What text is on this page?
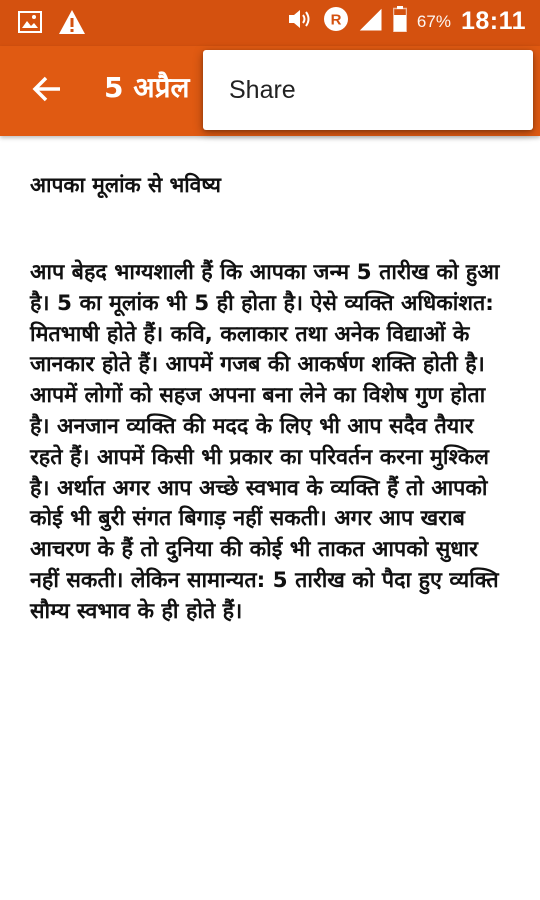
R	67% 18:11
5 अप्रैल	Share

आपका मूलांक से भविष्य

आप बेहद भाग्यशाली हैं कि आपका जन्म 5 तारीख को हुआ है। 5 का मूलांक भी 5 ही होता है। ऐसे व्यक्ति अधिकांशत: मितभाषी होते हैं। कवि, कलाकार तथा अनेक विद्याओं के जानकार होते हैं। आपमें गजब की आकर्षण शक्ति होती है। आपमें लोगों को सहज अपना बना लेने का विशेष गुण होता है। अनजान व्यक्ति की मदद के लिए भी आप सदैव तैयार रहते हैं। आपमें किसी भी प्रकार का परिवर्तन करना मुश्किल है। अर्थात अगर आप अच्छे स्वभाव के व्यक्ति हैं तो आपको कोई भी बुरी संगत बिगाड़ नहीं सकती। अगर आप खराब आचरण के हैं तो दुनिया की कोई भी ताकत आपको सुधार नहीं सकती। लेकिन सामान्यत: 5 तारीख को पैदा हुए व्यक्ति सौम्य स्वभाव के ही होते हैं।
